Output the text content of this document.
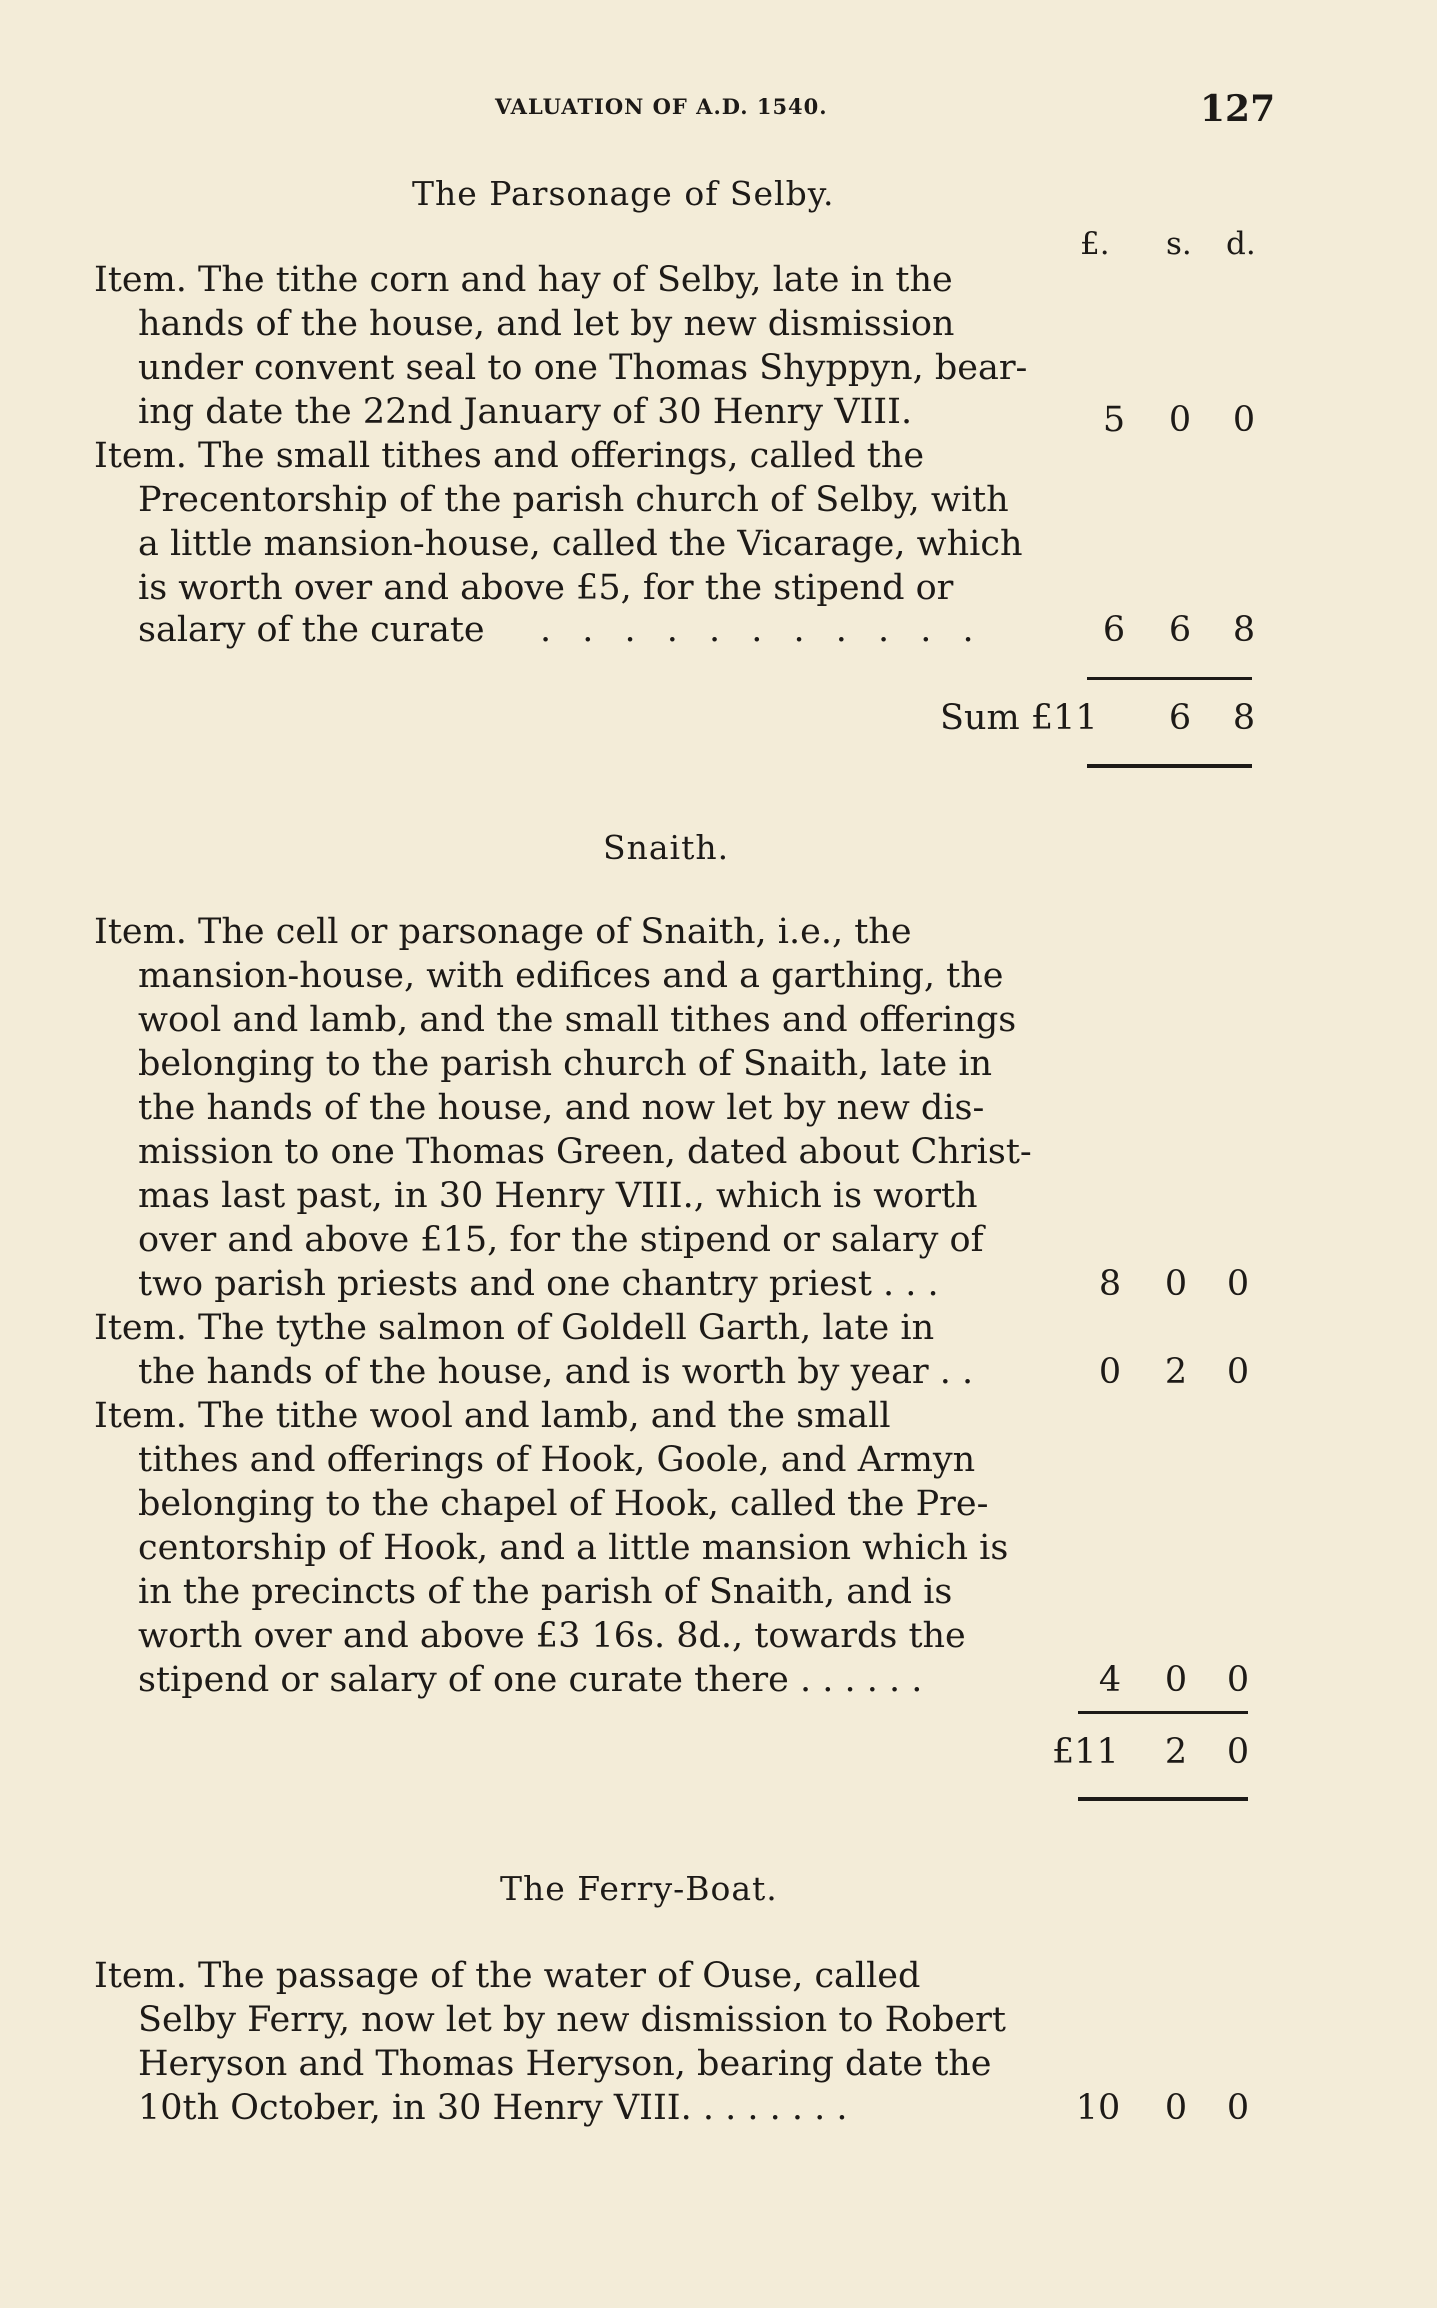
VALUATION OF A.D. 1540.	127
The Parsonage of Selby.
£. s. d.
Item. The tithe corn and hay of Selby, late in the
hands of the house, and let by new dismission
under convent seal to one Thomas Shyppyn, bear-
ing date the 22nd January of 30 Henry VIII.	5 0 0
Item. The small tithes and offerings, called the
Precentorship of the parish church of Selby, with
a little mansion-house, called the Vicarage, which
is worth over and above £5, for the stipend or
salary of the curate	. . . . . . . . . . .	6 6 8
Sum £11	6 8
Snaith.
Item. The cell or parsonage of Snaith, i.e., the
mansion-house, with edifices and a garthing, the
wool and lamb, and the small tithes and offerings
belonging to the parish church of Snaith, late in
the hands of the house, and now let by new dis-
mission to one Thomas Green, dated about Christ-
mas last past, in 30 Henry VIII., which is worth
over and above £15, for the stipend or salary of
two parish priests and one chantry priest . . .	8 0 0
Item. The tythe salmon of Goldell Garth, late in
the hands of the house, and is worth by year . .	0 2 0
Item. The tithe wool and lamb, and the small
tithes and offerings of Hook, Goole, and Armyn
belonging to the chapel of Hook, called the Pre-
centorship of Hook, and a little mansion which is
in the precincts of the parish of Snaith, and is
worth over and above £3 16s. 8d., towards the
stipend or salary of one curate there . . . . . .	4 0 0
£11	2 0
The Ferry-Boat.
Item. The passage of the water of Ouse, called
Selby Ferry, now let by new dismission to Robert
Heryson and Thomas Heryson, bearing date the
10th October, in 30 Henry VIII. . . . . . . .	10 0 0
